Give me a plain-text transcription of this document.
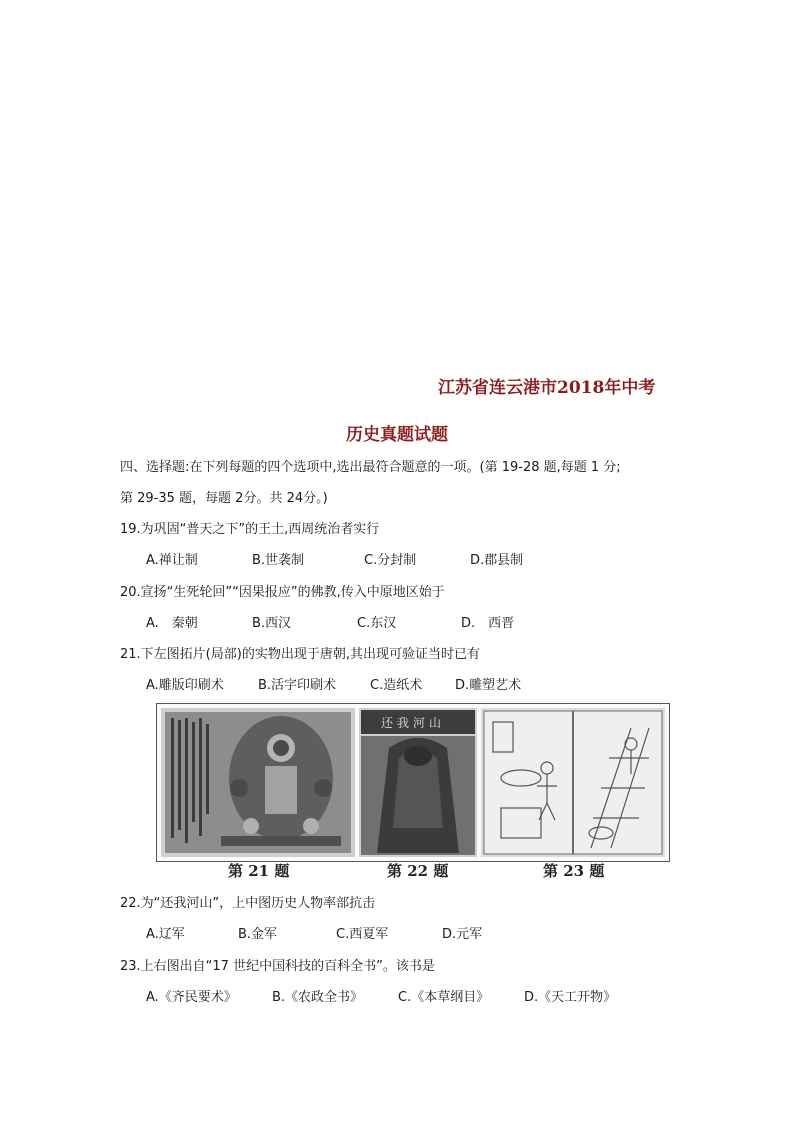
江苏省连云港市2018年中考
历史真题试题
四、选择题:在下列每题的四个选项中,选出最符合题意的一项。(第 19-28 题,每题 1 分;
第 29-35 题，每题 2分。共 24分。)
19.为巩固“普天之下”的王土,西周统治者实行
A.禅让制	B.世袭制	C.分封制	D.郡县制
20.宣扬“生死轮回”“因果报应”的佛教,传入中原地区始于
A.　秦朝	B.西汉	C.东汉	D.　西晋
21.下左图拓片(局部)的实物出现于唐朝,其出现可验证当时已有
A.雕版印刷术	B.活字印刷术	C.造纸术	D.雕塑艺术
还我河山
第 21 题	第 22 题	第 23 题
22.为“还我河山”，上中图历史人物率部抗击
A.辽军	B.金军	C.西夏军	D.元军
23.上右图出自“17 世纪中国科技的百科全书”。该书是
A.《齐民要术》	B.《农政全书》	C.《本草纲目》	D.《天工开物》
